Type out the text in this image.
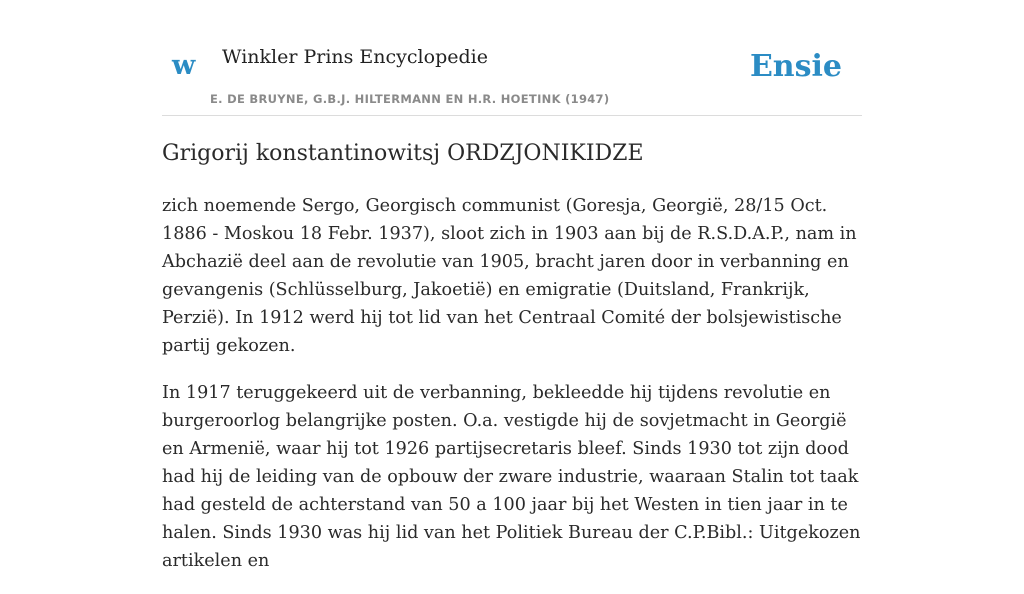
w Winkler Prins Encyclopedie
E. DE BRUYNE, G.B.J. HILTERMANN EN H.R. HOETINK (1947)
Ensie
Grigorij konstantinowitsj ORDZJONIKIDZE

zich noemende Sergo, Georgisch communist (Goresja, Georgië, 28/15 Oct. 1886 - Moskou 18 Febr. 1937), sloot zich in 1903 aan bij de R.S.D.A.P., nam in Abchazië deel aan de revolutie van 1905, bracht jaren door in verbanning en gevangenis (Schlüsselburg, Jakoetië) en emigratie (Duitsland, Frankrijk, Perzië). In 1912 werd hij tot lid van het Centraal Comité der bolsjewistische partij gekozen.

In 1917 teruggekeerd uit de verbanning, bekleedde hij tijdens revolutie en burgeroorlog belangrijke posten. O.a. vestigde hij de sovjetmacht in Georgië en Armenië, waar hij tot 1926 partijsecretaris bleef. Sinds 1930 tot zijn dood had hij de leiding van de opbouw der zware industrie, waaraan Stalin tot taak had gesteld de achterstand van 50 a 100 jaar bij het Westen in tien jaar in te halen. Sinds 1930 was hij lid van het Politiek Bureau der C.P.Bibl.: Uitgekozen artikelen en
